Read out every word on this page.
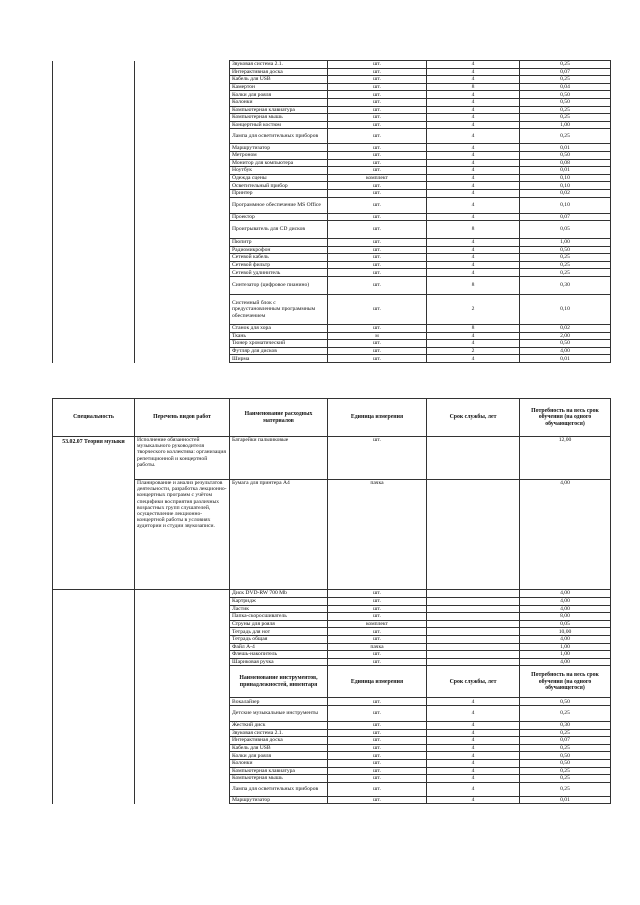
		Звуковая система 2.1.	шт.	4	0,25
		Интерактивная доска	шт.	4	0,07
		Кабель для USB	шт.	4	0,25
		Камертон	шт.	8	0,04
		Колки для рояля	шт.	4	0,50
		Колонки	шт.	4	0,50
		Компьютерная клавиатура	шт.	4	0,25
		Компьютерная мышь	шт.	4	0,25
		Концертный костюм	шт.	4	1,00
		Лампа для осветительных приборов	шт.	4	0,25
		Маршрутизатор	шт.	4	0,01
		Метроном	шт.	4	0,50
		Монитор для компьютера	шт.	4	0,08
		Ноутбук	шт.	4	0,01
		Одежда сцены	комплект	4	0,10
		Осветительный прибор	шт.	4	0,10
		Принтер	шт.	4	0,02
		Программное обеспечение MS Office	шт.	4	0,10
		Проектор	шт.	4	0,07
		Проигрыватель для CD дисков	шт.	8	0,05
		Пюпитр	шт.	4	1,00
		Радиомикрофон	шт.	4	0,50
		Сетевой кабель	шт.	4	0,25
		Сетевой фильтр	шт.	4	0,25
		Сетевой удлинитель	шт.	4	0,25
		Синтезатор (цифровое пианино)	шт.	8	0,30
		Системный блок с предустановленным программным обеспечением	шт.	2	0,10
		Станок для хора	шт.	8	0,02
		Ткань	м	4	2,00
		Тюнер хроматический	шт.	4	0,50
		Футляр для дисков	шт.	2	4,00
		Ширма	шт.	4	0,01
Специальность	Перечень видов работ	Наименование расходных материалов	Единица измерения	Срок службы, лет	Потребность на весь срок обучения (на одного обучающегося)
53.02.07 Теория музыки	Исполнение обязанностей музыкального руководителя творческого коллектива: организация репетиционной и концертной работы.	Батарейки пальчиковые	шт.		12,00
	Планирование и анализ результатов деятельности, разработка лекционно-концертных программ с учётом специфики восприятия различных возрастных групп слушателей, осуществление лекционно-концертной работы в условиях аудитории и студии звукозаписи.	Бумага для принтера А4	пачка		4,00
		Диск DVD-RW 700 Mb	шт.		4,00
		Картридж	шт.		4,00
		Ластик	шт.		4,00
		Папка-скоросшиватель	шт.		8,00
		Струны для рояля	комплект		0,05
		Тетрадь для нот	шт.		10,00
		Тетрадь общая	шт.		4,00
		Файл А-4	пачка		1,00
		Флешь-накопитель	шт.		1,00
		Шариковая ручка	шт.		4,00
		Наименование инструментов, принадлежностей, инвентаря	Единица измерения	Срок службы, лет	Потребность на весь срок обучения (на одного обучающегося)
		Вокалайзер	шт.	4	0,50
		Детские музыкальные инструменты	шт.	4	0,25
		Жесткий диск	шт.	4	0,30
		Звуковая система 2.1.	шт.	4	0,25
		Интерактивная доска	шт.	4	0,07
		Кабель для USB	шт.	4	0,25
		Колки для рояля	шт.	4	0,50
		Колонки	шт.	4	0,50
		Компьютерная клавиатура	шт.	4	0,25
		Компьютерная мышь	шт.	4	0,25
		Лампа для осветительных приборов	шт.	4	0,25
		Маршрутизатор	шт.	4	0,01
